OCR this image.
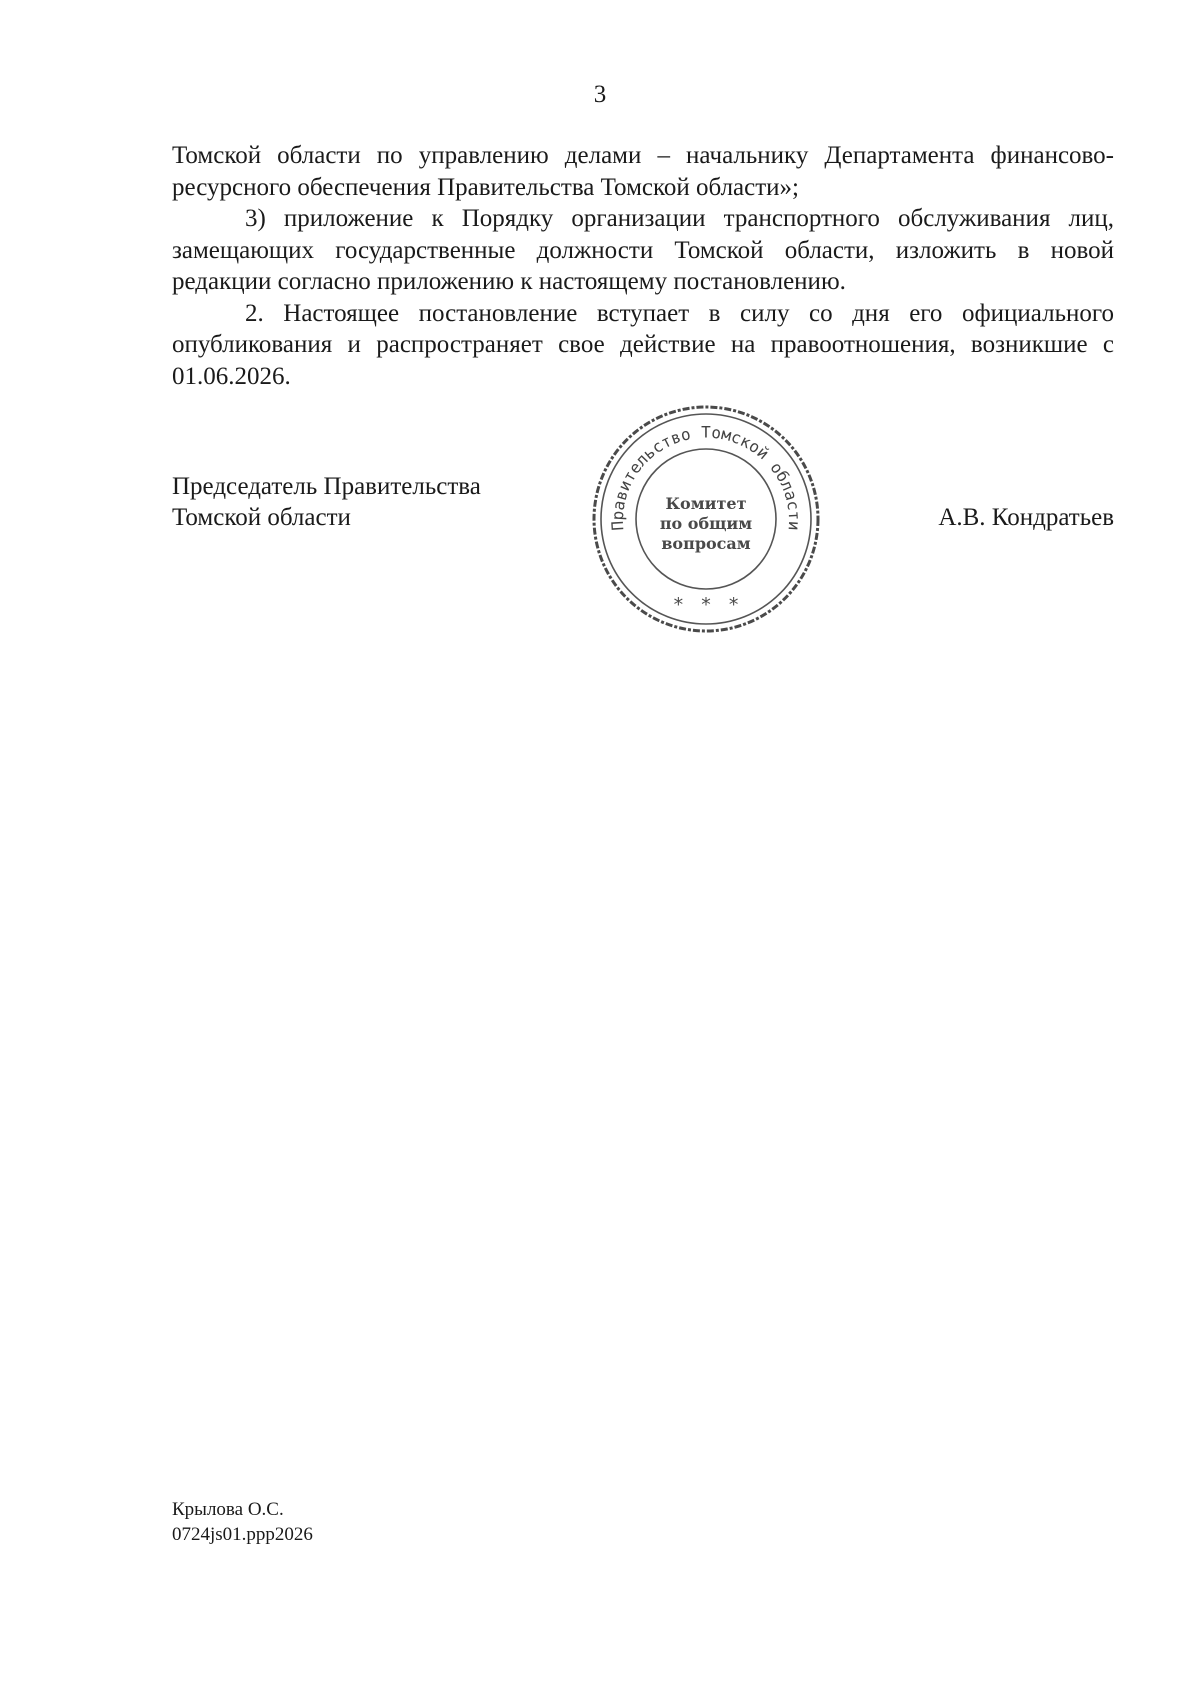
3

Томской области по управлению делами – начальнику Департамента финансово-ресурсного обеспечения Правительства Томской области»;

3) приложение к Порядку организации транспортного обслуживания лиц, замещающих государственные должности Томской области, изложить в новой редакции согласно приложению к настоящему постановлению.

2. Настоящее постановление вступает в силу со дня его официального опубликования и распространяет свое действие на правоотношения, возникшие с 01.06.2026.

Председатель Правительства
Томской области	Правительство Томской области
Комитет
по общим
вопросам
*   *   *
А.В. Кондратьев
Крылова О.С.
0724js01.ppp2026
